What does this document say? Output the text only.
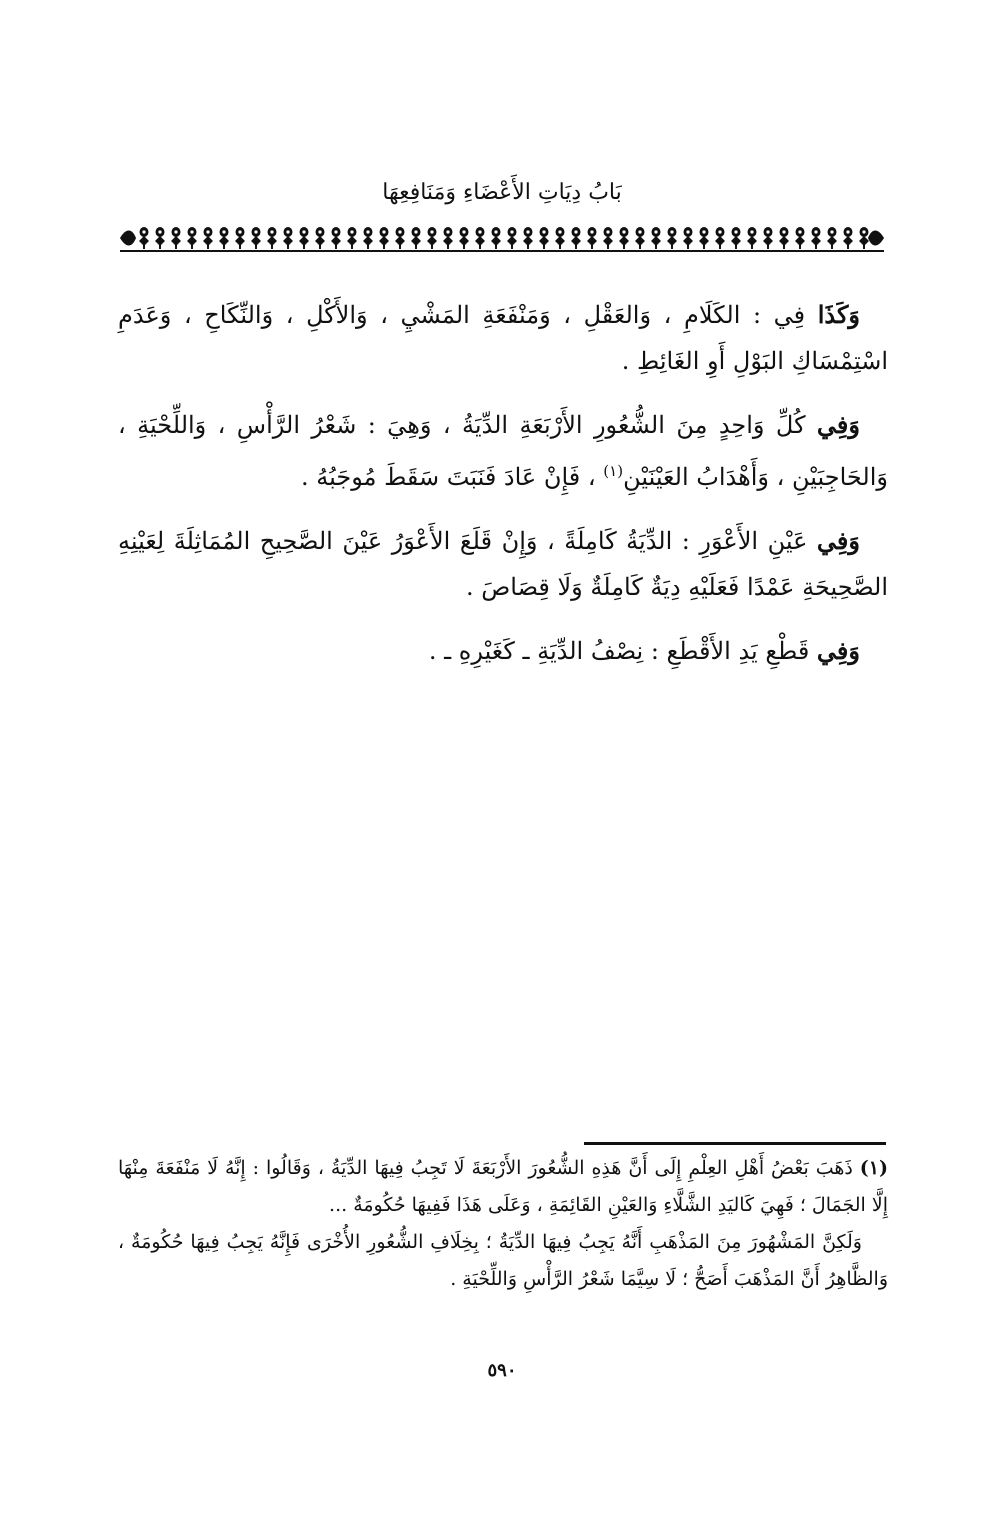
بَابُ دِيَاتِ الأَعْضَاءِ وَمَنَافِعِهَا

وَكَذَا فِي : الكَلَامِ ، وَالعَقْلِ ، وَمَنْفَعَةِ المَشْيِ ، وَالأَكْلِ ، وَالنِّكَاحِ ، وَعَدَمِ اسْتِمْسَاكِ البَوْلِ أَوِ الغَائِطِ .

وَفِي كُلِّ وَاحِدٍ مِنَ الشُّعُورِ الأَرْبَعَةِ الدِّيَةُ ، وَهِيَ : شَعْرُ الرَّأْسِ ، وَاللِّحْيَةِ ، وَالحَاجِبَيْنِ ، وَأَهْدَابُ العَيْنَيْنِ$^{(١)}$ ، فَإِنْ عَادَ فَنَبَتَ سَقَطَ مُوجَبُهُ .

وَفِي عَيْنِ الأَعْوَرِ : الدِّيَةُ كَامِلَةً ، وَإِنْ قَلَعَ الأَعْوَرُ عَيْنَ الصَّحِيحِ المُمَاثِلَةَ لِعَيْنِهِ الصَّحِيحَةِ عَمْدًا فَعَلَيْهِ دِيَةٌ كَامِلَةٌ وَلَا قِصَاصَ .

وَفِي قَطْعِ يَدِ الأَقْطَعِ : نِصْفُ الدِّيَةِ ـ كَغَيْرِهِ ـ .

(١) ذَهَبَ بَعْضُ أَهْلِ العِلْمِ إِلَى أَنَّ هَذِهِ الشُّعُورَ الأَرْبَعَةَ لَا تَجِبُ فِيهَا الدِّيَةُ ، وَقَالُوا : إِنَّهُ لَا مَنْفَعَةَ مِنْهَا إِلَّا الجَمَالَ ؛ فَهِيَ كَاليَدِ الشَّلَّاءِ وَالعَيْنِ القَائِمَةِ ، وَعَلَى هَذَا فَفِيهَا حُكُومَةٌ ...

وَلَكِنَّ المَشْهُورَ مِنَ المَذْهَبِ أَنَّهُ يَجِبُ فِيهَا الدِّيَةُ ؛ بِخِلَافِ الشُّعُورِ الأُخْرَى فَإِنَّهُ يَجِبُ فِيهَا حُكُومَةٌ ، وَالظَّاهِرُ أَنَّ المَذْهَبَ أَصَحُّ ؛ لَا سِيَّمَا شَعْرُ الرَّأْسِ وَاللِّحْيَةِ .

٥٩٠
